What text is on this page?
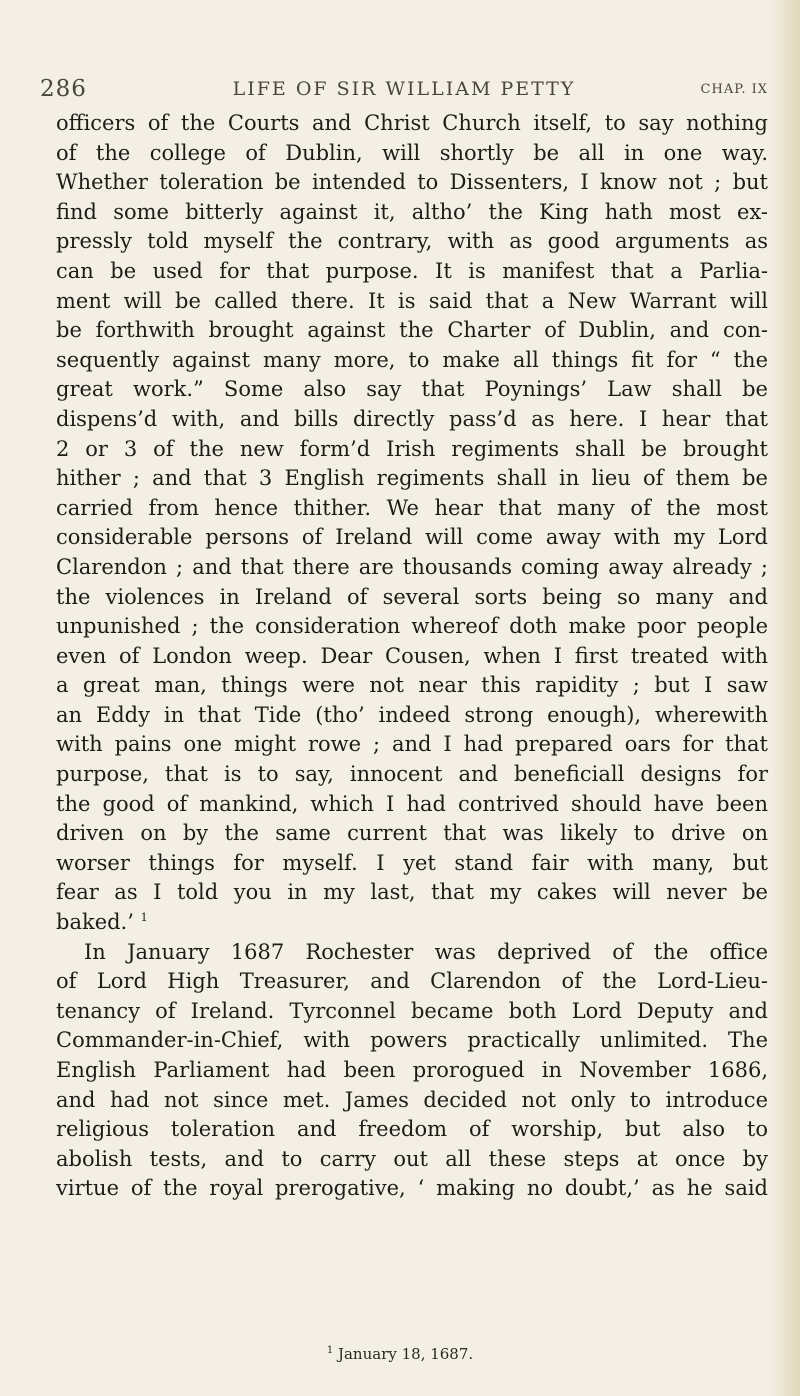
286	LIFE OF SIR WILLIAM PETTY	CHAP. IX
officers of the Courts and Christ Church itself, to say nothing
of the college of Dublin, will shortly be all in one way.
Whether toleration be intended to Dissenters, I know not ; but
find some bitterly against it, altho’ the King hath most ex-
pressly told myself the contrary, with as good arguments as
can be used for that purpose. It is manifest that a Parlia-
ment will be called there. It is said that a New Warrant will
be forthwith brought against the Charter of Dublin, and con-
sequently against many more, to make all things fit for “ the
great work.” Some also say that Poynings’ Law shall be
dispens’d with, and bills directly pass’d as here. I hear that
2 or 3 of the new form’d Irish regiments shall be brought
hither ; and that 3 English regiments shall in lieu of them be
carried from hence thither. We hear that many of the most
considerable persons of Ireland will come away with my Lord
Clarendon ; and that there are thousands coming away already ;
the violences in Ireland of several sorts being so many and
unpunished ; the consideration whereof doth make poor people
even of London weep. Dear Cousen, when I first treated with
a great man, things were not near this rapidity ; but I saw
an Eddy in that Tide (tho’ indeed strong enough), wherewith
with pains one might rowe ; and I had prepared oars for that
purpose, that is to say, innocent and beneficiall designs for
the good of mankind, which I had contrived should have been
driven on by the same current that was likely to drive on
worser things for myself. I yet stand fair with many, but
fear as I told you in my last, that my cakes will never be
baked.’ $^1$
In January 1687 Rochester was deprived of the office
of Lord High Treasurer, and Clarendon of the Lord-Lieu-
tenancy of Ireland. Tyrconnel became both Lord Deputy and
Commander-in-Chief, with powers practically unlimited. The
English Parliament had been prorogued in November 1686,
and had not since met. James decided not only to introduce
religious toleration and freedom of worship, but also to
abolish tests, and to carry out all these steps at once by
virtue of the royal prerogative, ‘ making no doubt,’ as he said
$^1$ January 18, 1687.
